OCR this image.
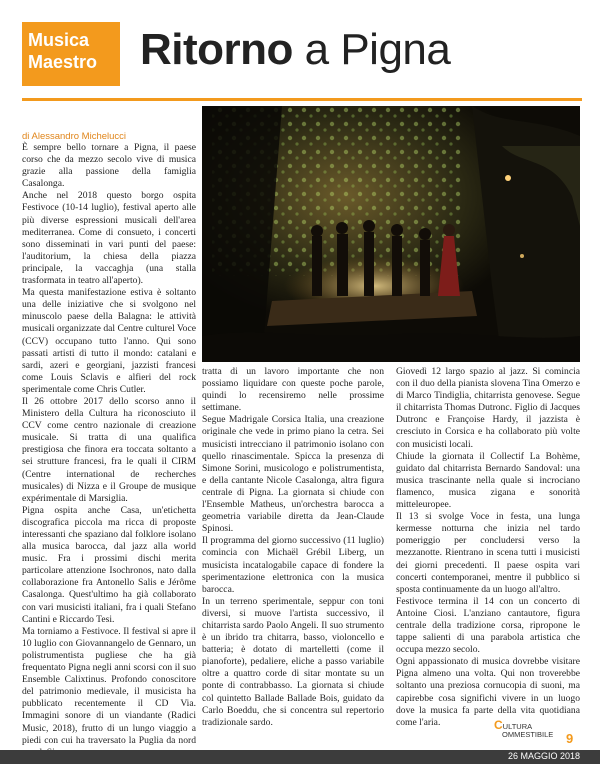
Musica
Maestro Ritorno a Pigna
di Alessandro Michelucci

È sempre bello tornare a Pigna, il paese corso che da mezzo secolo vive di musica grazie alla passione della famiglia Casalonga.

Anche nel 2018 questo borgo ospita Festivoce (10-14 luglio), festival aperto alle più diverse espressioni musicali dell'area mediterranea. Come di consueto, i concerti sono disseminati in vari punti del paese: l'auditorium, la chiesa della piazza principale, la vaccaghja (una stalla trasformata in teatro all'aperto).

Ma questa manifestazione estiva è soltanto una delle iniziative che si svolgono nel minuscolo paese della Balagna: le attività musicali organizzate dal Centre culturel Voce (CCV) occupano tutto l'anno. Qui sono passati artisti di tutto il mondo: catalani e sardi, azeri e georgiani, jazzisti francesi come Louis Sclavis e alfieri del rock sperimentale come Chris Cutler.

Il 26 ottobre 2017 dello scorso anno il Ministero della Cultura ha riconosciuto il CCV come centro nazionale di creazione musicale. Si tratta di una qualifica prestigiosa che finora era toccata soltanto a sei strutture francesi, fra le quali il CIRM (Centre international de recherches musicales) di Nizza e il Groupe de musique expérimentale di Marsiglia.

Pigna ospita anche Casa, un'etichetta discografica piccola ma ricca di proposte interessanti che spaziano dal folklore isolano alla musica barocca, dal jazz alla world music. Fra i prossimi dischi merita particolare attenzione Isochronos, nato dalla collaborazione fra Antonello Salis e Jérôme Casalonga. Quest'ultimo ha già collaborato con vari musicisti italiani, fra i quali Stefano Cantini e Riccardo Tesi.

Ma torniamo a Festivoce. Il festival si apre il 10 luglio con Giovannangelo de Gennaro, un polistrumentista pugliese che ha già frequentato Pigna negli anni scorsi con il suo Ensemble Calixtinus. Profondo conoscitore del patrimonio medievale, il musicista ha pubblicato recentemente il CD Via. Immagini sonore di un viandante (Radici Music, 2018), frutto di un lungo viaggio a piedi con cui ha traversato la Puglia da nord

tratta di un lavoro importante che non possiamo liquidare con queste poche parole, quindi lo recensiremo nelle prossime settimane.

Segue Madrigale Corsica Italia, una creazione originale che vede in primo piano la cetra. Sei musicisti intrecciano il patrimonio isolano con quello rinascimentale. Spicca la presenza di Simone Sorini, musicologo e polistrumentista, e della cantante Nicole Casalonga, altra figura centrale di Pigna. La giornata si chiude con l'Ensemble Matheus, un'orchestra barocca a geometria variabile diretta da Jean-Claude Spinosi.

Il programma del giorno successivo (11 luglio) comincia con Michaël Grébil Liberg, un musicista incatalogabile capace di fondere la sperimentazione elettronica con la musica barocca.

In un terreno sperimentale, seppur con toni diversi, si muove l'artista successivo, il chitarrista sardo Paolo Angeli. Il suo strumento è un ibrido tra chitarra, basso, violoncello e batteria; è dotato di martelletti (come il pianoforte), pedaliere, eliche a passo variabile oltre a quattro corde di sitar montate su un ponte di contrabbasso. La giornata si chiude col quintetto Ballade Ballade Bois, guidato da Carlo Boeddu, che si concentra sul repertorio tradizionale sardo.

Giovedì 12 largo spazio al jazz. Si comincia con il duo della pianista slovena Tina Omerzo e di Marco Tindiglia, chitarrista genovese. Segue il chitarrista Thomas Dutronc. Figlio di Jacques Dutronc e Françoise Hardy, il jazzista è cresciuto in Corsica e ha collaborato più volte con musicisti locali.

Chiude la giornata il Collectif La Bohème, guidato dal chitarrista Bernardo Sandoval: una musica trascinante nella quale si incrociano flamenco, musica zigana e sonorità mitteleuropee.

Il 13 si svolge Voce in festa, una lunga kermesse notturna che inizia nel tardo pomeriggio per concludersi verso la mezzanotte. Rientrano in scena tutti i musicisti dei giorni precedenti. Il paese ospita vari concerti contemporanei, mentre il pubblico si sposta continuamente da un luogo all'altro.

Festivoce termina il 14 con un concerto di Antoine Ciosi. L'anziano cantautore, figura centrale della tradizione corsa, ripropone le tappe salienti di una parabola artistica che occupa mezzo secolo.

Ogni appassionato di musica dovrebbe visitare Pigna almeno una volta. Qui non troverebbe soltanto una preziosa cornucopia di suoni, ma capirebbe cosa significhi vivere in un luogo dove la musica fa parte della vita quotidiana come l'aria.	CULTURA
OMMESTIBILE 9
26 MAGGIO 2018
